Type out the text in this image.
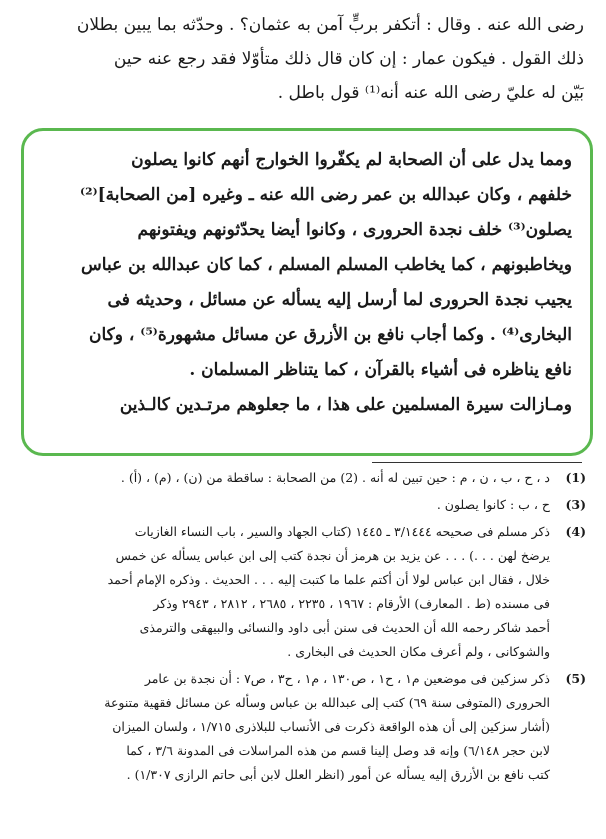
رضى الله عنه . وقال : أتكفر بربٍّ آمن به عثمان؟ . وحدّثه بما يبين بطلان

ذلك القول . فيكون عمار : إن كان قال ذلك متأوّلا فقد رجع عنه حين

بَيّن له عليّ رضى الله عنه أنه⁽¹⁾ قول باطل .

ومما يدل على أن الصحابة لم يكفّروا الخوارج أنهم كانوا يصلون

خلفهم ، وكان عبدالله بن عمر رضى الله عنه ـ وغيره [من الصحابة]⁽²⁾

يصلون⁽³⁾ خلف نجدة الحرورى ، وكانوا أيضا يحدّثونهم ويفتونهم

ويخاطبونهم ، كما يخاطب المسلم المسلم ، كما كان عبدالله بن عباس

يجيب نجدة الحرورى لما أرسل إليه يسأله عن مسائل ، وحديثه فى

البخارى⁽⁴⁾ . وكما أجاب نافع بن الأزرق عن مسائل مشهورة⁽⁵⁾ ، وكان

نافع يناظره فى أشياء بالقرآن ، كما يتناظر المسلمان .

ومـازالت سيرة المسلمين على هذا ، ما جعلوهم مرتـدين كالـذين

(1)
د ، ح ، ب ، ن ، م : حين تبين له أنه . (2) من الصحابة : ساقطة من (ن) ، (م) ، (أ) .
(3)
ح ، ب : كانوا يصلون .
(4)
ذكر مسلم فى صحيحه ٣/١٤٤٤ ـ ١٤٤٥ (كتاب الجهاد والسير ، باب النساء الغازيات
يرضخ لهن . . .) . . . عن يزيد بن هرمز أن نجدة كتب إلى ابن عباس يسأله عن خمس
خلال ، فقال ابن عباس لولا أن أكتم علما ما كتبت إليه . . . الحديث . وذكره الإمام أحمد
فى مسنده (ط . المعارف) الأرقام : ١٩٦٧ ، ٢٢٣٥ ، ٢٦٨٥ ، ٢٨١٢ ، ٢٩٤٣ وذكر
أحمد شاكر رحمه الله أن الحديث فى سنن أبى داود والنسائى والبيهقى والترمذى
والشوكانى ، ولم أعرف مكان الحديث فى البخارى .
(5)
ذكر سزكين فى موضعين م١ ، ح١ ، ص١٣٠ ، م١ ، ح٣ ، ص٧ : أن نجدة بن عامر
الحرورى (المتوفى سنة ٦٩) كتب إلى عبدالله بن عباس وسأله عن مسائل فقهية متنوعة
(أشار سزكين إلى أن هذه الواقعة ذكرت فى الأنساب للبلاذرى ١/٧١٥ ، ولسان الميزان
لابن حجر ٦/١٤٨) وإنه قد وصل إلينا قسم من هذه المراسلات فى المدونة ٣/٦ ، كما
كتب نافع بن الأزرق إليه يسأله عن أمور (انظر العلل لابن أبى حاتم الرازى ١/٣٠٧) .
